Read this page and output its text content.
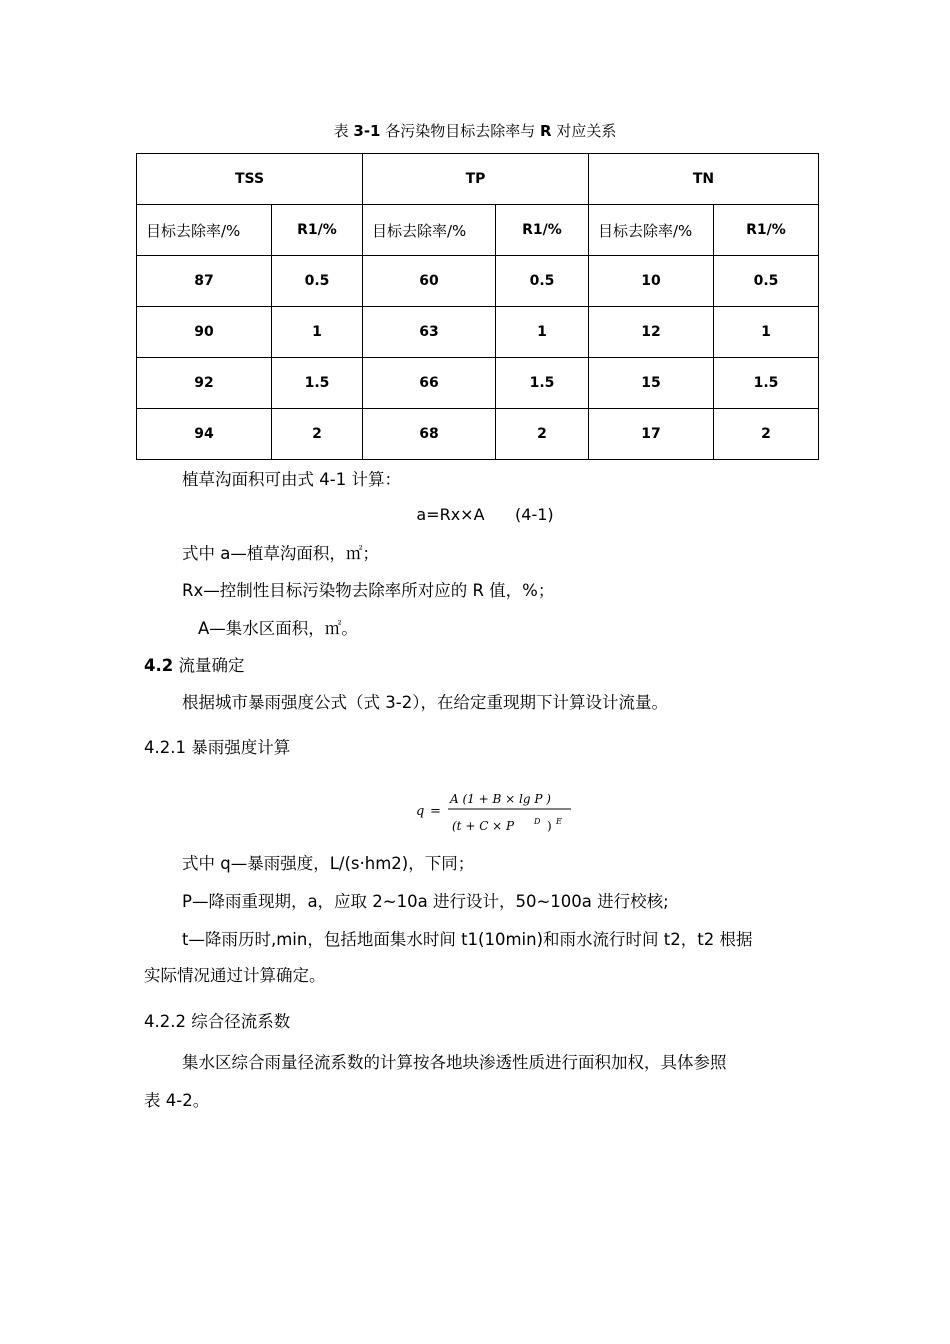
表 3-1 各污染物目标去除率与 R 对应关系
TSS		TP		TN	
目标去除率/%	R1/%	目标去除率/%	R1/%	目标去除率/%	R1/%
87	0.5	60	0.5	10	0.5
90	1	63	1	12	1
92	1.5	66	1.5	15	1.5
94	2	68	2	17	2
植草沟面积可由式 4-1 计算：
a=Rx×A      (4-1)
式中 a—植草沟面积，㎡；
Rx—控制性目标污染物去除率所对应的 R 值，%；
A—集水区面积，㎡。
4.2 流量确定
根据城市暴雨强度公式（式 3-2），在给定重现期下计算设计流量。
4.2.1 暴雨强度计算
q =
A (1 + B × lg P )
(t + C × P D ) E
式中 q—暴雨强度，L/(s·hm2)，下同；
P—降雨重现期，a，应取 2~10a 进行设计，50~100a 进行校核;
t—降雨历时,min，包括地面集水时间 t1(10min)和雨水流行时间 t2，t2 根据
实际情况通过计算确定。
4.2.2 综合径流系数
集水区综合雨量径流系数的计算按各地块渗透性质进行面积加权，具体参照
表 4-2。
